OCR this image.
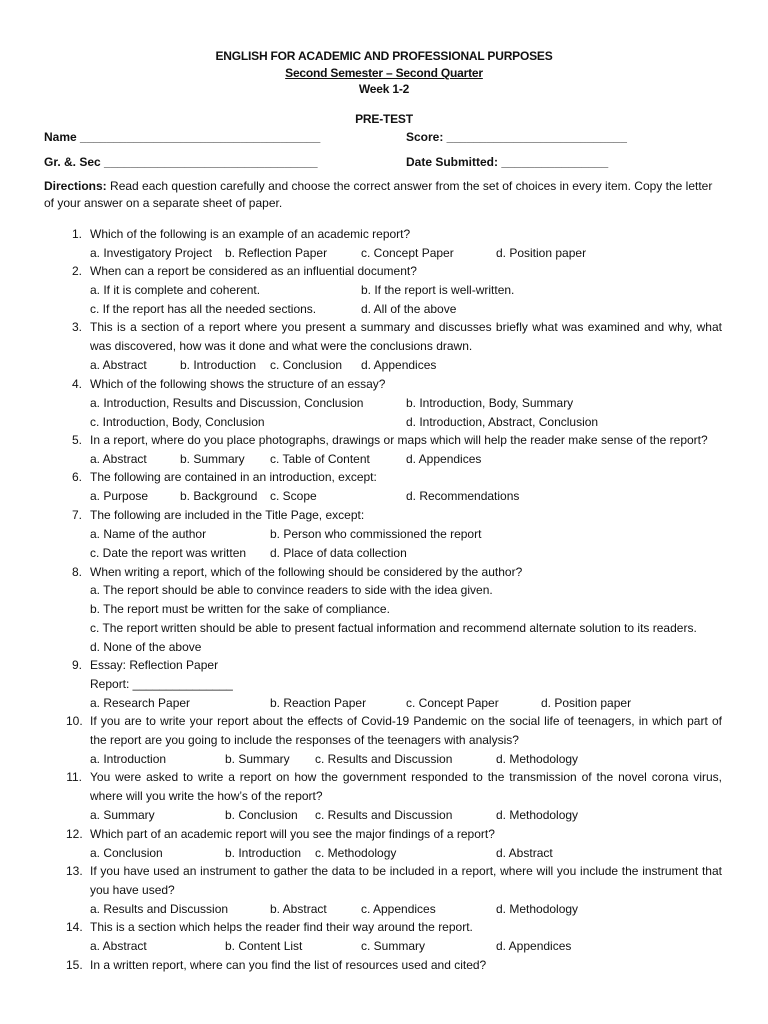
ENGLISH FOR ACADEMIC AND PROFESSIONAL PURPOSES
Second Semester – Second Quarter
Week 1-2
PRE-TEST
Name ____________________________________	Score: ___________________________
Gr. &. Sec ________________________________	Date Submitted: ________________
Directions: Read each question carefully and choose the correct answer from the set of choices in every item. Copy the letter of your answer on a separate sheet of paper.
1. Which of the following is an example of an academic report?
a. Investigatory Project b. Reflection Paper	c. Concept Paper	d. Position paper
2. When can a report be considered as an influential document?
a. If it is complete and coherent.	b. If the report is well-written.
c. If the report has all the needed sections.	d. All of the above
3. This is a section of a report where you present a summary and discusses briefly what was examined and why, what was discovered, how was it done and what were the conclusions drawn.
a. Abstract	b. Introduction c. Conclusion d. Appendices
4. Which of the following shows the structure of an essay?
a. Introduction, Results and Discussion, Conclusion	b. Introduction, Body, Summary
c. Introduction, Body, Conclusion	d. Introduction, Abstract, Conclusion
5. In a report, where do you place photographs, drawings or maps which will help the reader make sense of the report?
a. Abstract	b. Summary c. Table of Content	d. Appendices
6. The following are contained in an introduction, except:
a. Purpose	b. Background c. Scope	d. Recommendations
7. The following are included in the Title Page, except:
a. Name of the author	b. Person who commissioned the report
c. Date the report was written d. Place of data collection
8. When writing a report, which of the following should be considered by the author?
a. The report should be able to convince readers to side with the idea given.
b. The report must be written for the sake of compliance.
c. The report written should be able to present factual information and recommend alternate solution to its readers.
d. None of the above
9. Essay: Reflection Paper
Report: _______________
a. Research Paper	b. Reaction Paper	c. Concept Paper	d. Position paper
10. If you are to write your report about the effects of Covid-19 Pandemic on the social life of teenagers, in which part of the report are you going to include the responses of the teenagers with analysis?
a. Introduction	b. Summary c. Results and Discussion	d. Methodology
11. You were asked to write a report on how the government responded to the transmission of the novel corona virus, where will you write the how’s of the report?
a. Summary	b. Conclusion c. Results and Discussion	d. Methodology
12. Which part of an academic report will you see the major findings of a report?
a. Conclusion	b. Introduction c. Methodology	d. Abstract
13. If you have used an instrument to gather the data to be included in a report, where will you include the instrument that you have used?
a. Results and Discussion	b. Abstract	c. Appendices	d. Methodology
14. This is a section which helps the reader find their way around the report.
a. Abstract	b. Content List	c. Summary	d. Appendices
15. In a written report, where can you find the list of resources used and cited?
